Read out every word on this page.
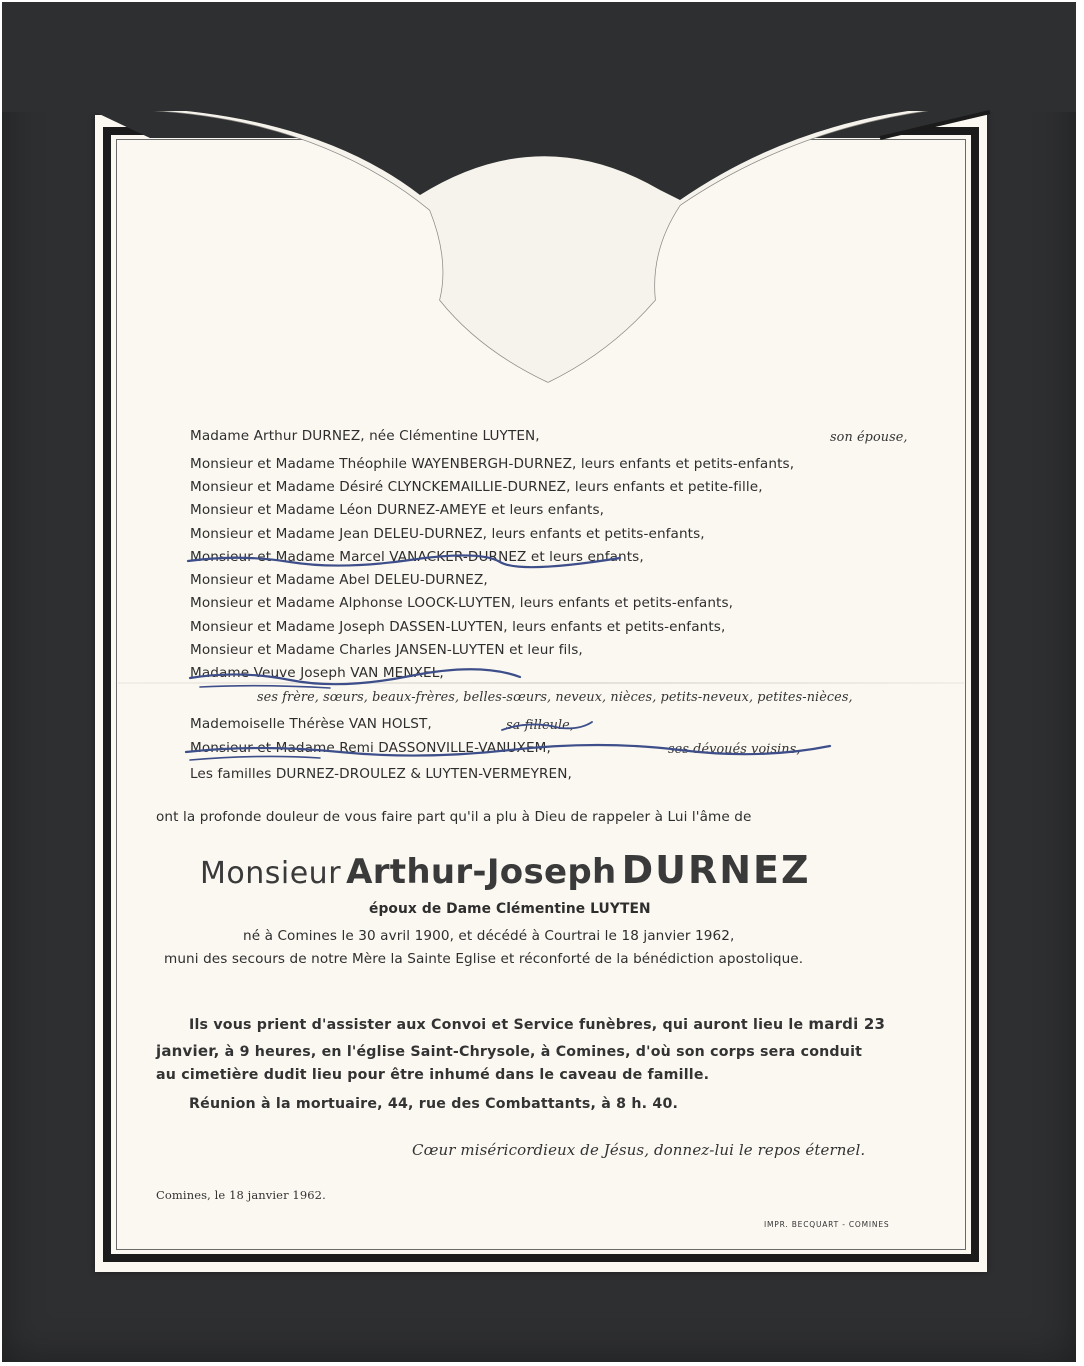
Madame Arthur DURNEZ, née Clémentine LUYTEN,	son épouse,
Monsieur et Madame Théophile WAYENBERGH-DURNEZ, leurs enfants et petits-enfants,
Monsieur et Madame Désiré CLYNCKEMAILLIE-DURNEZ, leurs enfants et petite-fille,
Monsieur et Madame Léon DURNEZ-AMEYE et leurs enfants,
Monsieur et Madame Jean DELEU-DURNEZ, leurs enfants et petits-enfants,
Monsieur et Madame Marcel VANACKER-DURNEZ et leurs enfants,
Monsieur et Madame Abel DELEU-DURNEZ,
Monsieur et Madame Alphonse LOOCK-LUYTEN, leurs enfants et petits-enfants,
Monsieur et Madame Joseph DASSEN-LUYTEN, leurs enfants et petits-enfants,
Monsieur et Madame Charles JANSEN-LUYTEN et leur fils,
Madame Veuve Joseph VAN MENXEL,
ses frère, sœurs, beaux-frères, belles-sœurs, neveux, nièces, petits-neveux, petites-nièces,
Mademoiselle Thérèse VAN HOLST,	sa filleule,
Monsieur et Madame Remi DASSONVILLE-VANUXEM,	ses dévoués voisins,
Les familles DURNEZ-DROULEZ & LUYTEN-VERMEYREN,
ont la profonde douleur de vous faire part qu'il a plu à Dieu de rappeler à Lui l'âme de
Monsieur Arthur-Joseph DURNEZ
époux de Dame Clémentine LUYTEN
né à Comines le 30 avril 1900, et décédé à Courtrai le 18 janvier 1962,
muni des secours de notre Mère la Sainte Eglise et réconforté de la bénédiction apostolique.
Ils vous prient d'assister aux Convoi et Service funèbres, qui auront lieu le mardi 23
janvier, à 9 heures, en l'église Saint-Chrysole, à Comines, d'où son corps sera conduit
au cimetière dudit lieu pour être inhumé dans le caveau de famille.
Réunion à la mortuaire, 44, rue des Combattants, à 8 h. 40.
Cœur miséricordieux de Jésus, donnez-lui le repos éternel.
Comines, le 18 janvier 1962.
IMPR. BECQUART - COMINES
